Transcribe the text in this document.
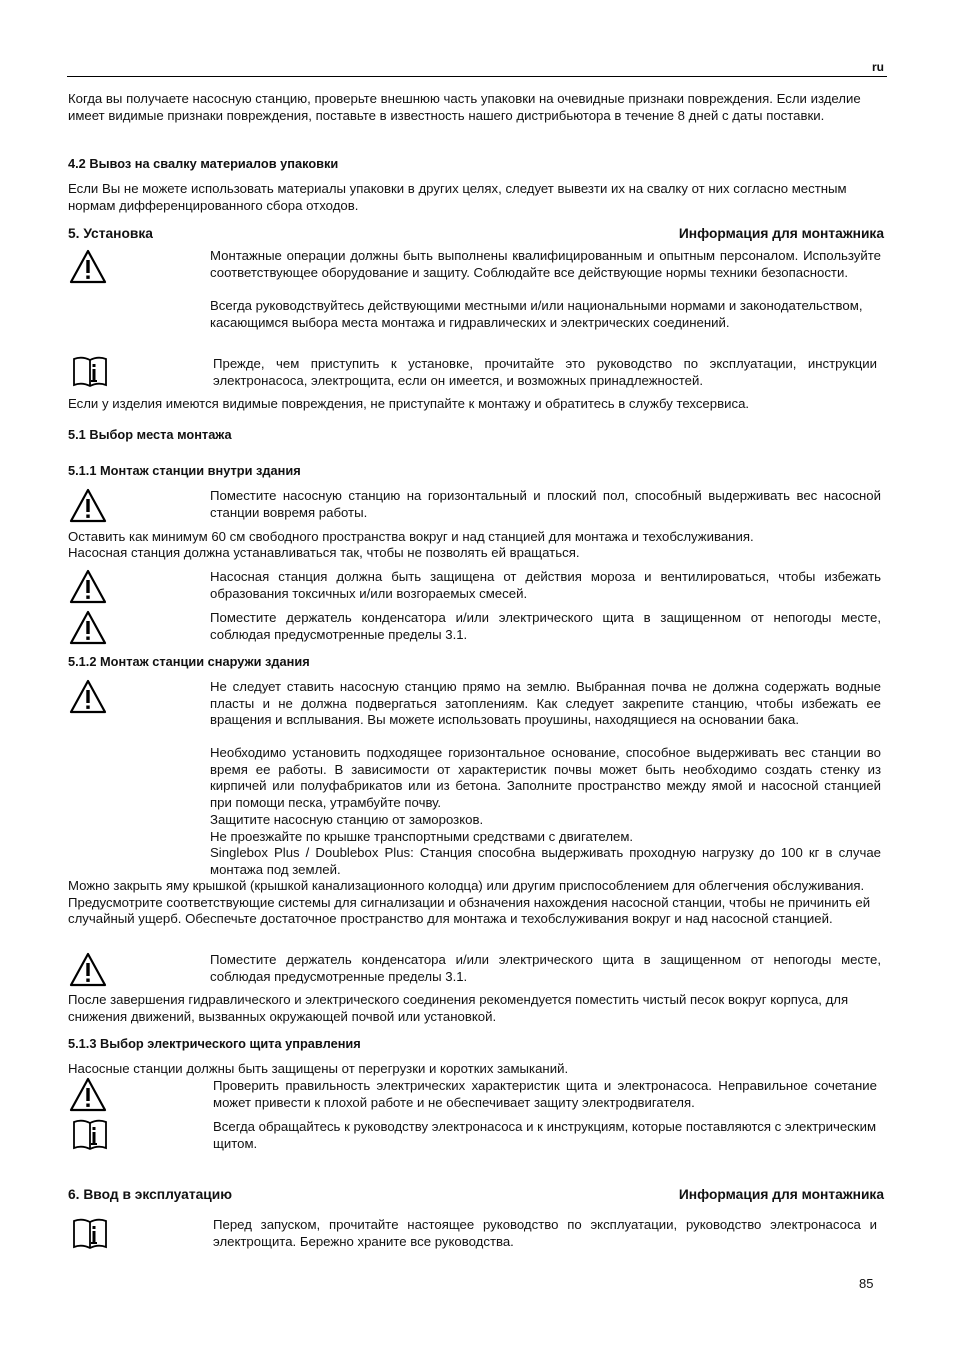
ru
Когда вы получаете насосную станцию, проверьте внешнюю часть упаковки на очевидные признаки повреждения. Если изделие имеет видимые признаки повреждения, поставьте в известность нашего дистрибьютора в течение 8 дней с даты поставки.
4.2 Вывоз на свалку материалов упаковки
Если Вы не можете использовать материалы упаковки в других целях, следует вывезти их на свалку от них согласно местным нормам дифференцированного сбора отходов.
5. Установка	Информация для монтажника
Монтажные операции должны быть выполнены квалифицированным и опытным персоналом. Используйте соответствующее оборудование и защиту. Соблюдайте все действующие нормы техники безопасности.
Всегда руководствуйтесь действующими местными и/или национальными нормами и законодательством, касающимся выбора места монтажа и гидравлических и электрических соединений.
Прежде, чем приступить к установке, прочитайте это руководство по эксплуатации, инструкции электронасоса, электрощита, если он имеется, и возможных принадлежностей.
Если у изделия имеются видимые повреждения, не приступайте к монтажу и обратитесь в службу техсервиса.
5.1 Выбор места монтажа
5.1.1 Монтаж станции внутри здания
Поместите насосную станцию на горизонтальный и плоский пол, способный выдерживать вес насосной станции вовремя работы.
Оставить как минимум 60 см свободного пространства вокруг и над станцией для монтажа и техобслуживания.
Насосная станция должна устанавливаться так, чтобы не позволять ей вращаться.
Насосная станция должна быть защищена от действия мороза и вентилироваться, чтобы избежать образования токсичных и/или возгораемых смесей.
Поместите держатель конденсатора и/или электрического щита в защищенном от непогоды месте, соблюдая предусмотренные пределы 3.1.
5.1.2 Монтаж станции снаружи здания
Не следует ставить насосную станцию прямо на землю. Выбранная почва не должна содержать водные пласты и не должна подвергаться затоплениям. Как следует закрепите станцию, чтобы избежать ее вращения и всплывания. Вы можете использовать проушины, находящиеся на основании бака.
Необходимо установить подходящее горизонтальное основание, способное выдерживать вес станции во время ее работы. В зависимости от характеристик почвы может быть необходимо создать стенку из кирпичей или полуфабрикатов или из бетона. Заполните пространство между ямой и насосной станцией при помощи песка, утрамбуйте почву.
Защитите насосную станцию от заморозков.
Не проезжайте по крышке транспортными средствами с двигателем.
Singlebox Plus / Doublebox Plus: Станция способна выдерживать проходную нагрузку до 100 кг в случае монтажа под землей.
Можно закрыть яму крышкой (крышкой канализационного колодца) или другим приспособлением для облегчения обслуживания. Предусмотрите соответствующие системы для сигнализации и обзначения нахождения насосной станции, чтобы не причинить ей случайный ущерб. Обеспечьте достаточное пространство для монтажа и техобслуживания вокруг и над насосной станцией.
Поместите держатель конденсатора и/или электрического щита в защищенном от непогоды месте, соблюдая предусмотренные пределы 3.1.
После завершения гидравлического и электрического соединения рекомендуется поместить чистый песок вокруг корпуса, для снижения движений, вызванных окружающей почвой или установкой.
5.1.3 Выбор электрического щита управления
Насосные станции должны быть защищены от перегрузки и коротких замыканий.
Проверить правильность электрических характеристик щита и электронасоса. Неправильное сочетание может привести к плохой работе и не обеспечивает защиту электродвигателя.
Всегда обращайтесь к руководству электронасоса и к инструкциям, которые поставляются с электрическим щитом.
6. Ввод в эксплуатацию	Информация для монтажника
Перед запуском, прочитайте настоящее руководство по эксплуатации, руководство электронасоса и электрощита. Бережно храните все руководства.
85
